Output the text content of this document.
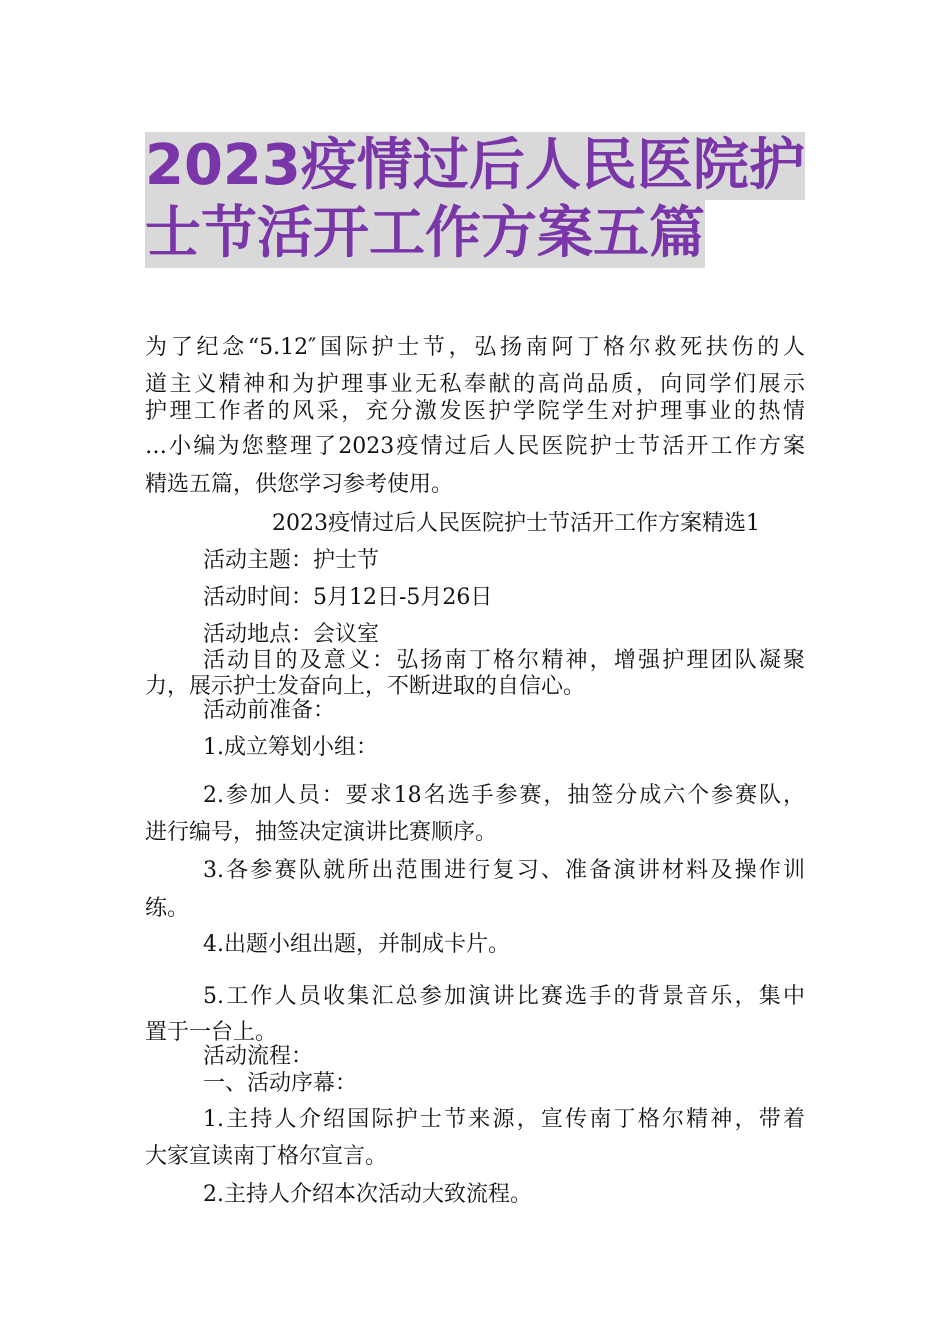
2023疫情过后人民医院护
士节活开工作方案五篇
为了纪念“5.12″国际护士节，弘扬南阿丁格尔救死扶伤的人
道主义精神和为护理事业无私奉献的高尚品质，向同学们展示
护理工作者的风采，充分激发医护学院学生对护理事业的热情
…小编为您整理了2023疫情过后人民医院护士节活开工作方案
精选五篇，供您学习参考使用。
2023疫情过后人民医院护士节活开工作方案精选1
活动主题：护士节
活动时间：5月12日-5月26日
活动地点：会议室
活动目的及意义：弘扬南丁格尔精神，增强护理团队凝聚
力，展示护士发奋向上，不断进取的自信心。
活动前准备：
1.成立筹划小组：
2.参加人员：要求18名选手参赛，抽签分成六个参赛队，
进行编号，抽签决定演讲比赛顺序。
3.各参赛队就所出范围进行复习、准备演讲材料及操作训
练。
4.出题小组出题，并制成卡片。
5.工作人员收集汇总参加演讲比赛选手的背景音乐，集中
置于一台上。
活动流程：
一、活动序幕：
1.主持人介绍国际护士节来源，宣传南丁格尔精神，带着
大家宣读南丁格尔宣言。
2.主持人介绍本次活动大致流程。
